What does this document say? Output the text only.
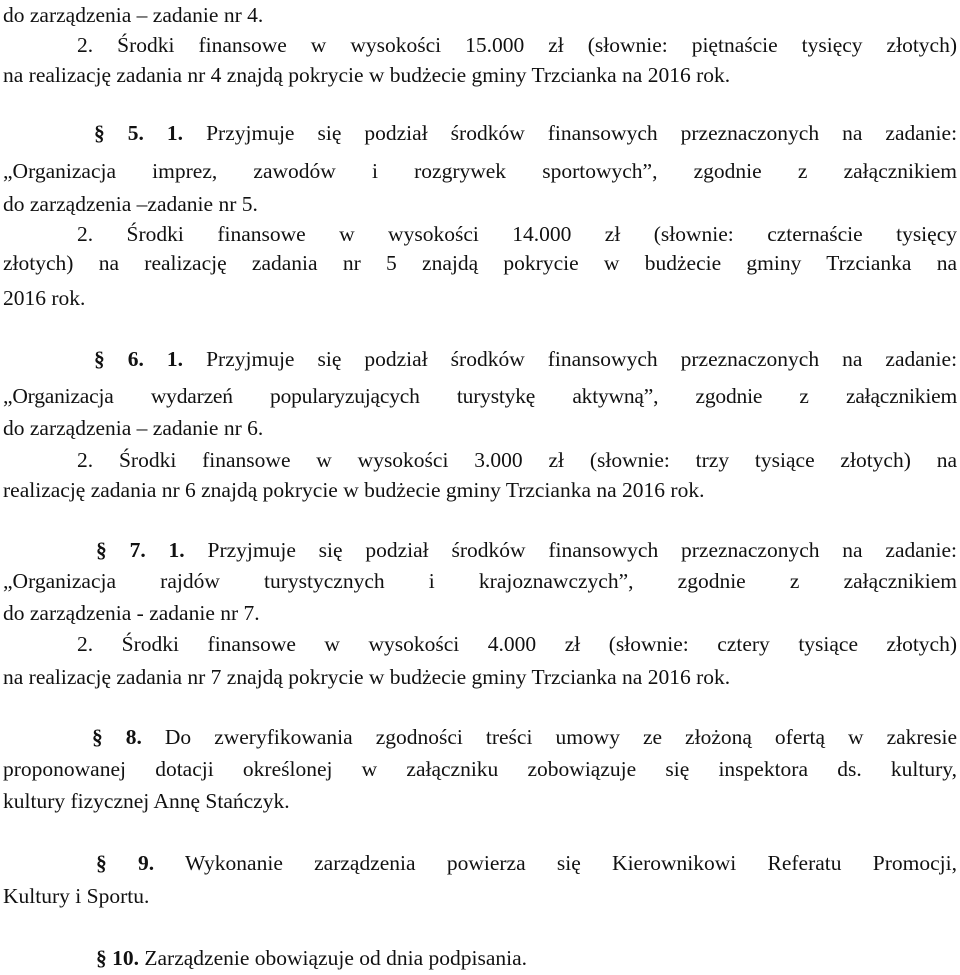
do zarządzenia – zadanie nr 4.
2. Środki finansowe w wysokości 15.000 zł (słownie: piętnaście tysięcy złotych)
na realizację zadania nr 4 znajdą pokrycie w budżecie gminy Trzcianka na 2016 rok.
§ 5. 1. Przyjmuje się podział środków finansowych przeznaczonych na zadanie:
„Organizacja imprez, zawodów i rozgrywek sportowych”, zgodnie z załącznikiem
do zarządzenia –zadanie nr 5.
2. Środki finansowe w wysokości 14.000 zł (słownie: czternaście tysięcy
złotych) na realizację zadania nr 5 znajdą pokrycie w budżecie gminy Trzcianka na
2016 rok.
§ 6. 1. Przyjmuje się podział środków finansowych przeznaczonych na zadanie:
„Organizacja wydarzeń popularyzujących turystykę aktywną”, zgodnie z załącznikiem
do zarządzenia – zadanie nr 6.
2. Środki finansowe w wysokości 3.000 zł (słownie: trzy tysiące złotych) na
realizację zadania nr 6 znajdą pokrycie w budżecie gminy Trzcianka na 2016 rok.
§ 7. 1. Przyjmuje się podział środków finansowych przeznaczonych na zadanie:
„Organizacja rajdów turystycznych i krajoznawczych”, zgodnie z załącznikiem
do zarządzenia - zadanie nr 7.
2. Środki finansowe w wysokości 4.000 zł (słownie: cztery tysiące złotych)
na realizację zadania nr 7 znajdą pokrycie w budżecie gminy Trzcianka na 2016 rok.
§ 8. Do zweryfikowania zgodności treści umowy ze złożoną ofertą w zakresie
proponowanej dotacji określonej w załączniku zobowiązuje się inspektora ds. kultury,
kultury fizycznej Annę Stańczyk.
§ 9. Wykonanie zarządzenia powierza się Kierownikowi Referatu Promocji,
Kultury i Sportu.
§ 10. Zarządzenie obowiązuje od dnia podpisania.
